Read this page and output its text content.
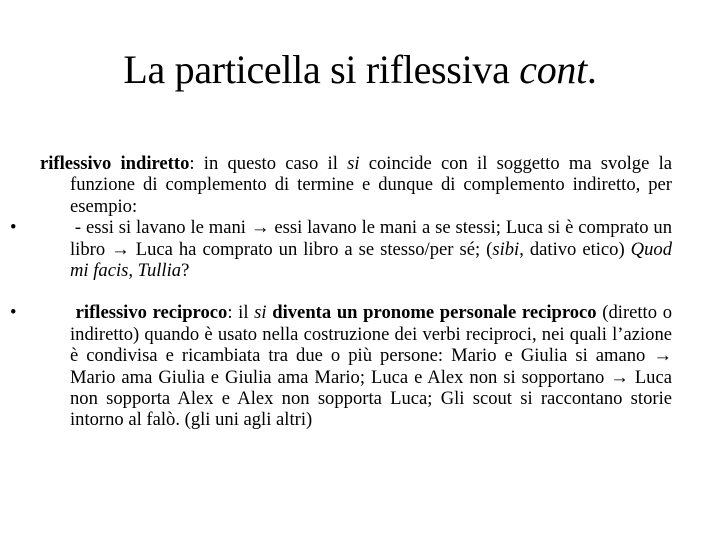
La particella si riflessiva cont.

riflessivo indiretto: in questo caso il si coincide con il soggetto ma svolge la funzione di complemento di termine e dunque di complemento indiretto, per esempio:

•	- essi si lavano le mani → essi lavano le mani a se stessi; Luca si è comprato un libro → Luca ha comprato un libro a se stesso/per sé; (sibi, dativo etico) Quod mi facis, Tullia?

•	riflessivo reciproco: il si diventa un pronome personale reciproco (diretto o indiretto) quando è usato nella costruzione dei verbi reciproci, nei quali l’azione è condivisa e ricambiata tra due o più persone: Mario e Giulia si amano → Mario ama Giulia e Giulia ama Mario; Luca e Alex non si sopportano → Luca non sopporta Alex e Alex non sopporta Luca; Gli scout si raccontano storie intorno al falò. (gli uni agli altri)
